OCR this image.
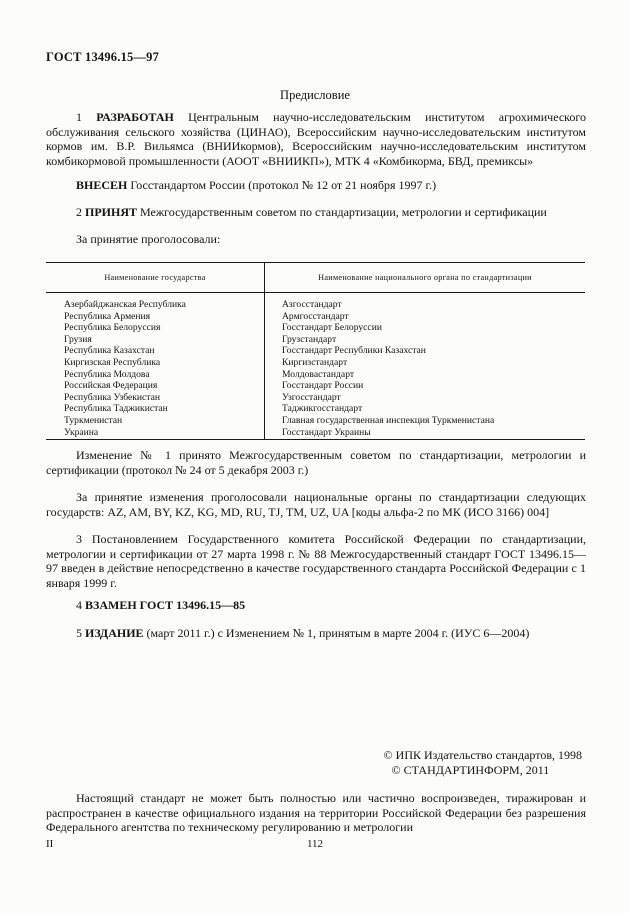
ГОСТ 13496.15—97
Предисловие

1 РАЗРАБОТАН Центральным научно-исследовательским институтом агрохимического обслуживания сельского хозяйства (ЦИНАО), Всероссийским научно-исследовательским институтом кормов им. В.Р. Вильямса (ВНИИкормов), Всероссийским научно-исследовательским институтом комбикормовой промышленности (АООТ «ВНИИКП»), МТК 4 «Комбикорма, БВД, премиксы»

ВНЕСЕН Госстандартом России (протокол № 12 от 21 ноября 1997 г.)

2 ПРИНЯТ Межгосударственным советом по стандартизации, метрологии и сертификации

За принятие проголосовали:

Наименование государства	Наименование национального органа по стандартизации
Азербайджанская Республика	Азгосстандарт
Республика Армения	Армгосстандарт
Республика Белоруссия	Госстандарт Белоруссии
Грузия	Грузстандарт
Республика Казахстан	Госстандарт Республики Казахстан
Киргизская Республика	Киргизстандарт
Республика Молдова	Молдовастандарт
Российская Федерация	Госстандарт России
Республика Узбекистан	Узгосстандарт
Республика Таджикистан	Таджикгосстандарт
Туркменистан	Главная государственная инспекция Туркменистана
Украина	Госстандарт Украины

Изменение № 1 принято Межгосударственным советом по стандартизации, метрологии и сертификации (протокол № 24 от 5 декабря 2003 г.)

За принятие изменения проголосовали национальные органы по стандартизации следующих государств: AZ, AM, BY, KZ, KG, MD, RU, TJ, TM, UZ, UA [коды альфа-2 по МК (ИСО 3166) 004]

3 Постановлением Государственного комитета Российской Федерации по стандартизации, метрологии и сертификации от 27 марта 1998 г. № 88 Межгосударственный стандарт ГОСТ 13496.15—97 введен в действие непосредственно в качестве государственного стандарта Российской Федерации с 1 января 1999 г.

4 ВЗАМЕН ГОСТ 13496.15—85

5 ИЗДАНИЕ (март 2011 г.) с Изменением № 1, принятым в марте 2004 г. (ИУС 6—2004)

© ИПК Издательство стандартов, 1998
© СТАНДАРТИНФОРМ, 2011

Настоящий стандарт не может быть полностью или частично воспроизведен, тиражирован и распространен в качестве официального издания на территории Российской Федерации без разрешения Федерального агентства по техническому регулированию и метрологии

II	112
